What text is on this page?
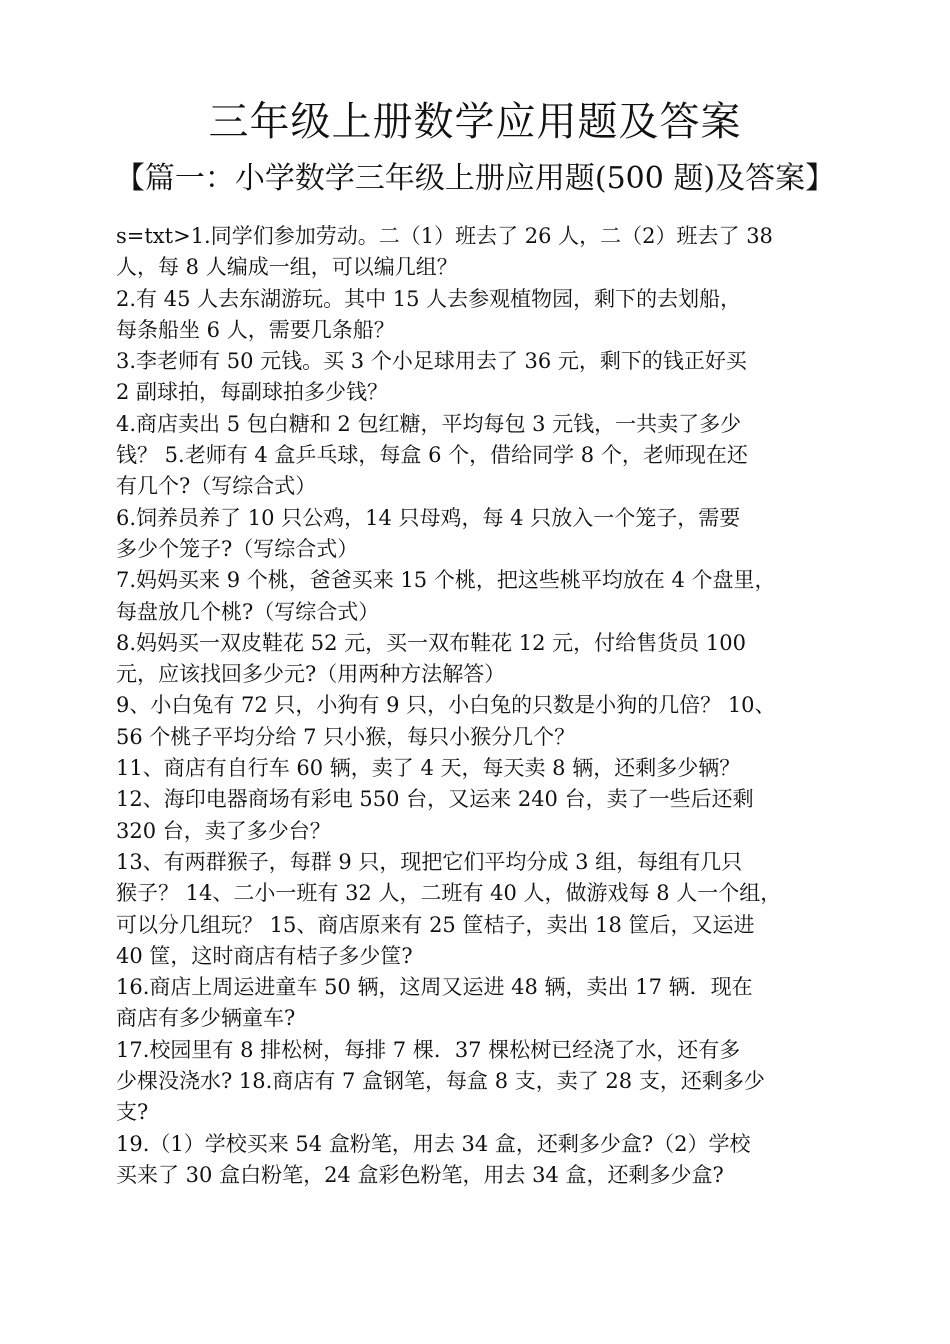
三年级上册数学应用题及答案
【篇一：小学数学三年级上册应用题(500 题)及答案】
s=txt>1.同学们参加劳动。二（1）班去了 26 人，二（2）班去了 38
人，每 8 人编成一组，可以编几组？
2.有 45 人去东湖游玩。其中 15 人去参观植物园，剩下的去划船，
每条船坐 6 人，需要几条船？
3.李老师有 50 元钱。买 3 个小足球用去了 36 元，剩下的钱正好买
2 副球拍，每副球拍多少钱？
4.商店卖出 5 包白糖和 2 包红糖，平均每包 3 元钱，一共卖了多少
钱？ 5.老师有 4 盒乒乓球，每盒 6 个，借给同学 8 个，老师现在还
有几个?（写综合式）
6.饲养员养了 10 只公鸡，14 只母鸡，每 4 只放入一个笼子，需要
多少个笼子?（写综合式）
7.妈妈买来 9 个桃，爸爸买来 15 个桃，把这些桃平均放在 4 个盘里，
每盘放几个桃?（写综合式）
8.妈妈买一双皮鞋花 52 元，买一双布鞋花 12 元，付给售货员 100
元，应该找回多少元?（用两种方法解答）
9、小白兔有 72 只，小狗有 9 只，小白兔的只数是小狗的几倍？ 10、
56 个桃子平均分给 7 只小猴，每只小猴分几个？
11、商店有自行车 60 辆，卖了 4 天，每天卖 8 辆，还剩多少辆？
12、海印电器商场有彩电 550 台，又运来 240 台，卖了一些后还剩
320 台，卖了多少台？
13、有两群猴子，每群 9 只，现把它们平均分成 3 组，每组有几只
猴子？ 14、二小一班有 32 人，二班有 40 人，做游戏每 8 人一个组，
可以分几组玩？ 15、商店原来有 25 筐桔子，卖出 18 筐后，又运进
40 筐，这时商店有桔子多少筐?
16.商店上周运进童车 50 辆，这周又运进 48 辆，卖出 17 辆．现在
商店有多少辆童车?
17.校园里有 8 排松树，每排 7 棵．37 棵松树已经浇了水，还有多
少棵没浇水? 18.商店有 7 盒钢笔，每盒 8 支，卖了 28 支，还剩多少
支?
19.（1）学校买来 54 盒粉笔，用去 34 盒，还剩多少盒?（2）学校
买来了 30 盒白粉笔，24 盒彩色粉笔，用去 34 盒，还剩多少盒?
